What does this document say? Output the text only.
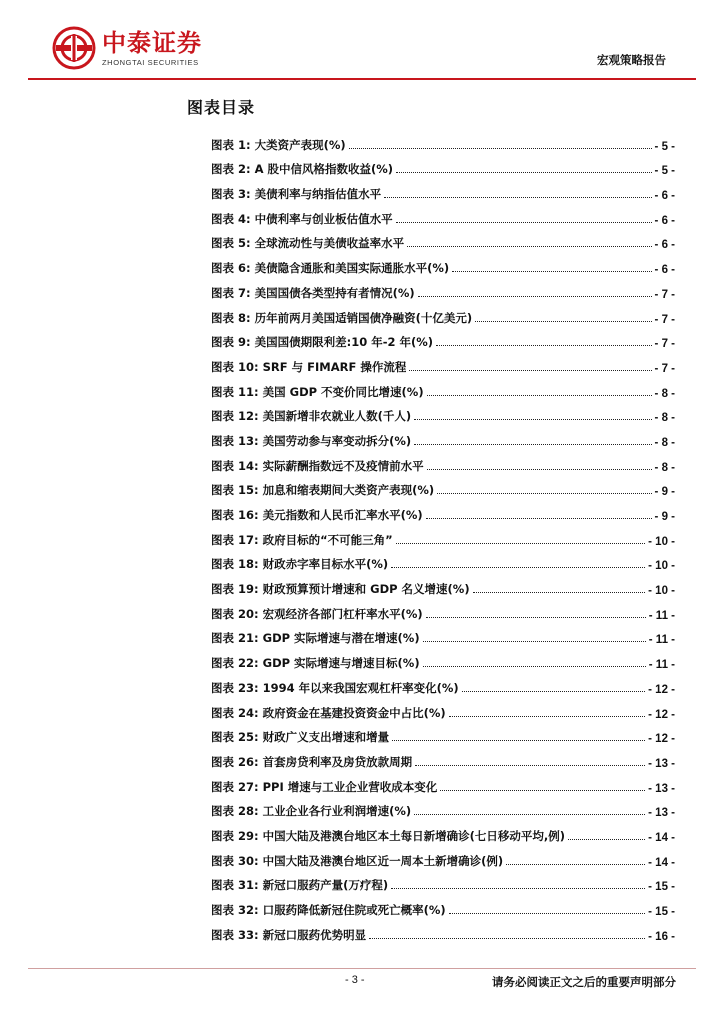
中泰证券
ZHONGTAI SECURITIES	宏观策略报告
图表目录
图表 1: 大类资产表现(%)	- 5 -
图表 2: A 股中信风格指数收益(%)	- 5 -
图表 3: 美债利率与纳指估值水平	- 6 -
图表 4: 中债利率与创业板估值水平	- 6 -
图表 5: 全球流动性与美债收益率水平	- 6 -
图表 6: 美债隐含通胀和美国实际通胀水平(%)	- 6 -
图表 7: 美国国债各类型持有者情况(%)	- 7 -
图表 8: 历年前两月美国适销国债净融资(十亿美元)	- 7 -
图表 9: 美国国债期限利差:10 年-2 年(%)	- 7 -
图表 10: SRF 与 FIMARF 操作流程	- 7 -
图表 11: 美国 GDP 不变价同比增速(%)	- 8 -
图表 12: 美国新增非农就业人数(千人)	- 8 -
图表 13: 美国劳动参与率变动拆分(%)	- 8 -
图表 14: 实际薪酬指数远不及疫情前水平	- 8 -
图表 15: 加息和缩表期间大类资产表现(%)	- 9 -
图表 16: 美元指数和人民币汇率水平(%)	- 9 -
图表 17: 政府目标的“不可能三角”	- 10 -
图表 18: 财政赤字率目标水平(%)	- 10 -
图表 19: 财政预算预计增速和 GDP 名义增速(%)	- 10 -
图表 20: 宏观经济各部门杠杆率水平(%)	- 11 -
图表 21: GDP 实际增速与潜在增速(%)	- 11 -
图表 22: GDP 实际增速与增速目标(%)	- 11 -
图表 23: 1994 年以来我国宏观杠杆率变化(%)	- 12 -
图表 24: 政府资金在基建投资资金中占比(%)	- 12 -
图表 25: 财政广义支出增速和增量	- 12 -
图表 26: 首套房贷利率及房贷放款周期	- 13 -
图表 27: PPI 增速与工业企业营收成本变化	- 13 -
图表 28: 工业企业各行业利润增速(%)	- 13 -
图表 29: 中国大陆及港澳台地区本土每日新增确诊(七日移动平均,例)	- 14 -
图表 30: 中国大陆及港澳台地区近一周本土新增确诊(例)	- 14 -
图表 31: 新冠口服药产量(万疗程)	- 15 -
图表 32: 口服药降低新冠住院或死亡概率(%)	- 15 -
图表 33: 新冠口服药优势明显	- 16 -
- 3 -	请务必阅读正文之后的重要声明部分
